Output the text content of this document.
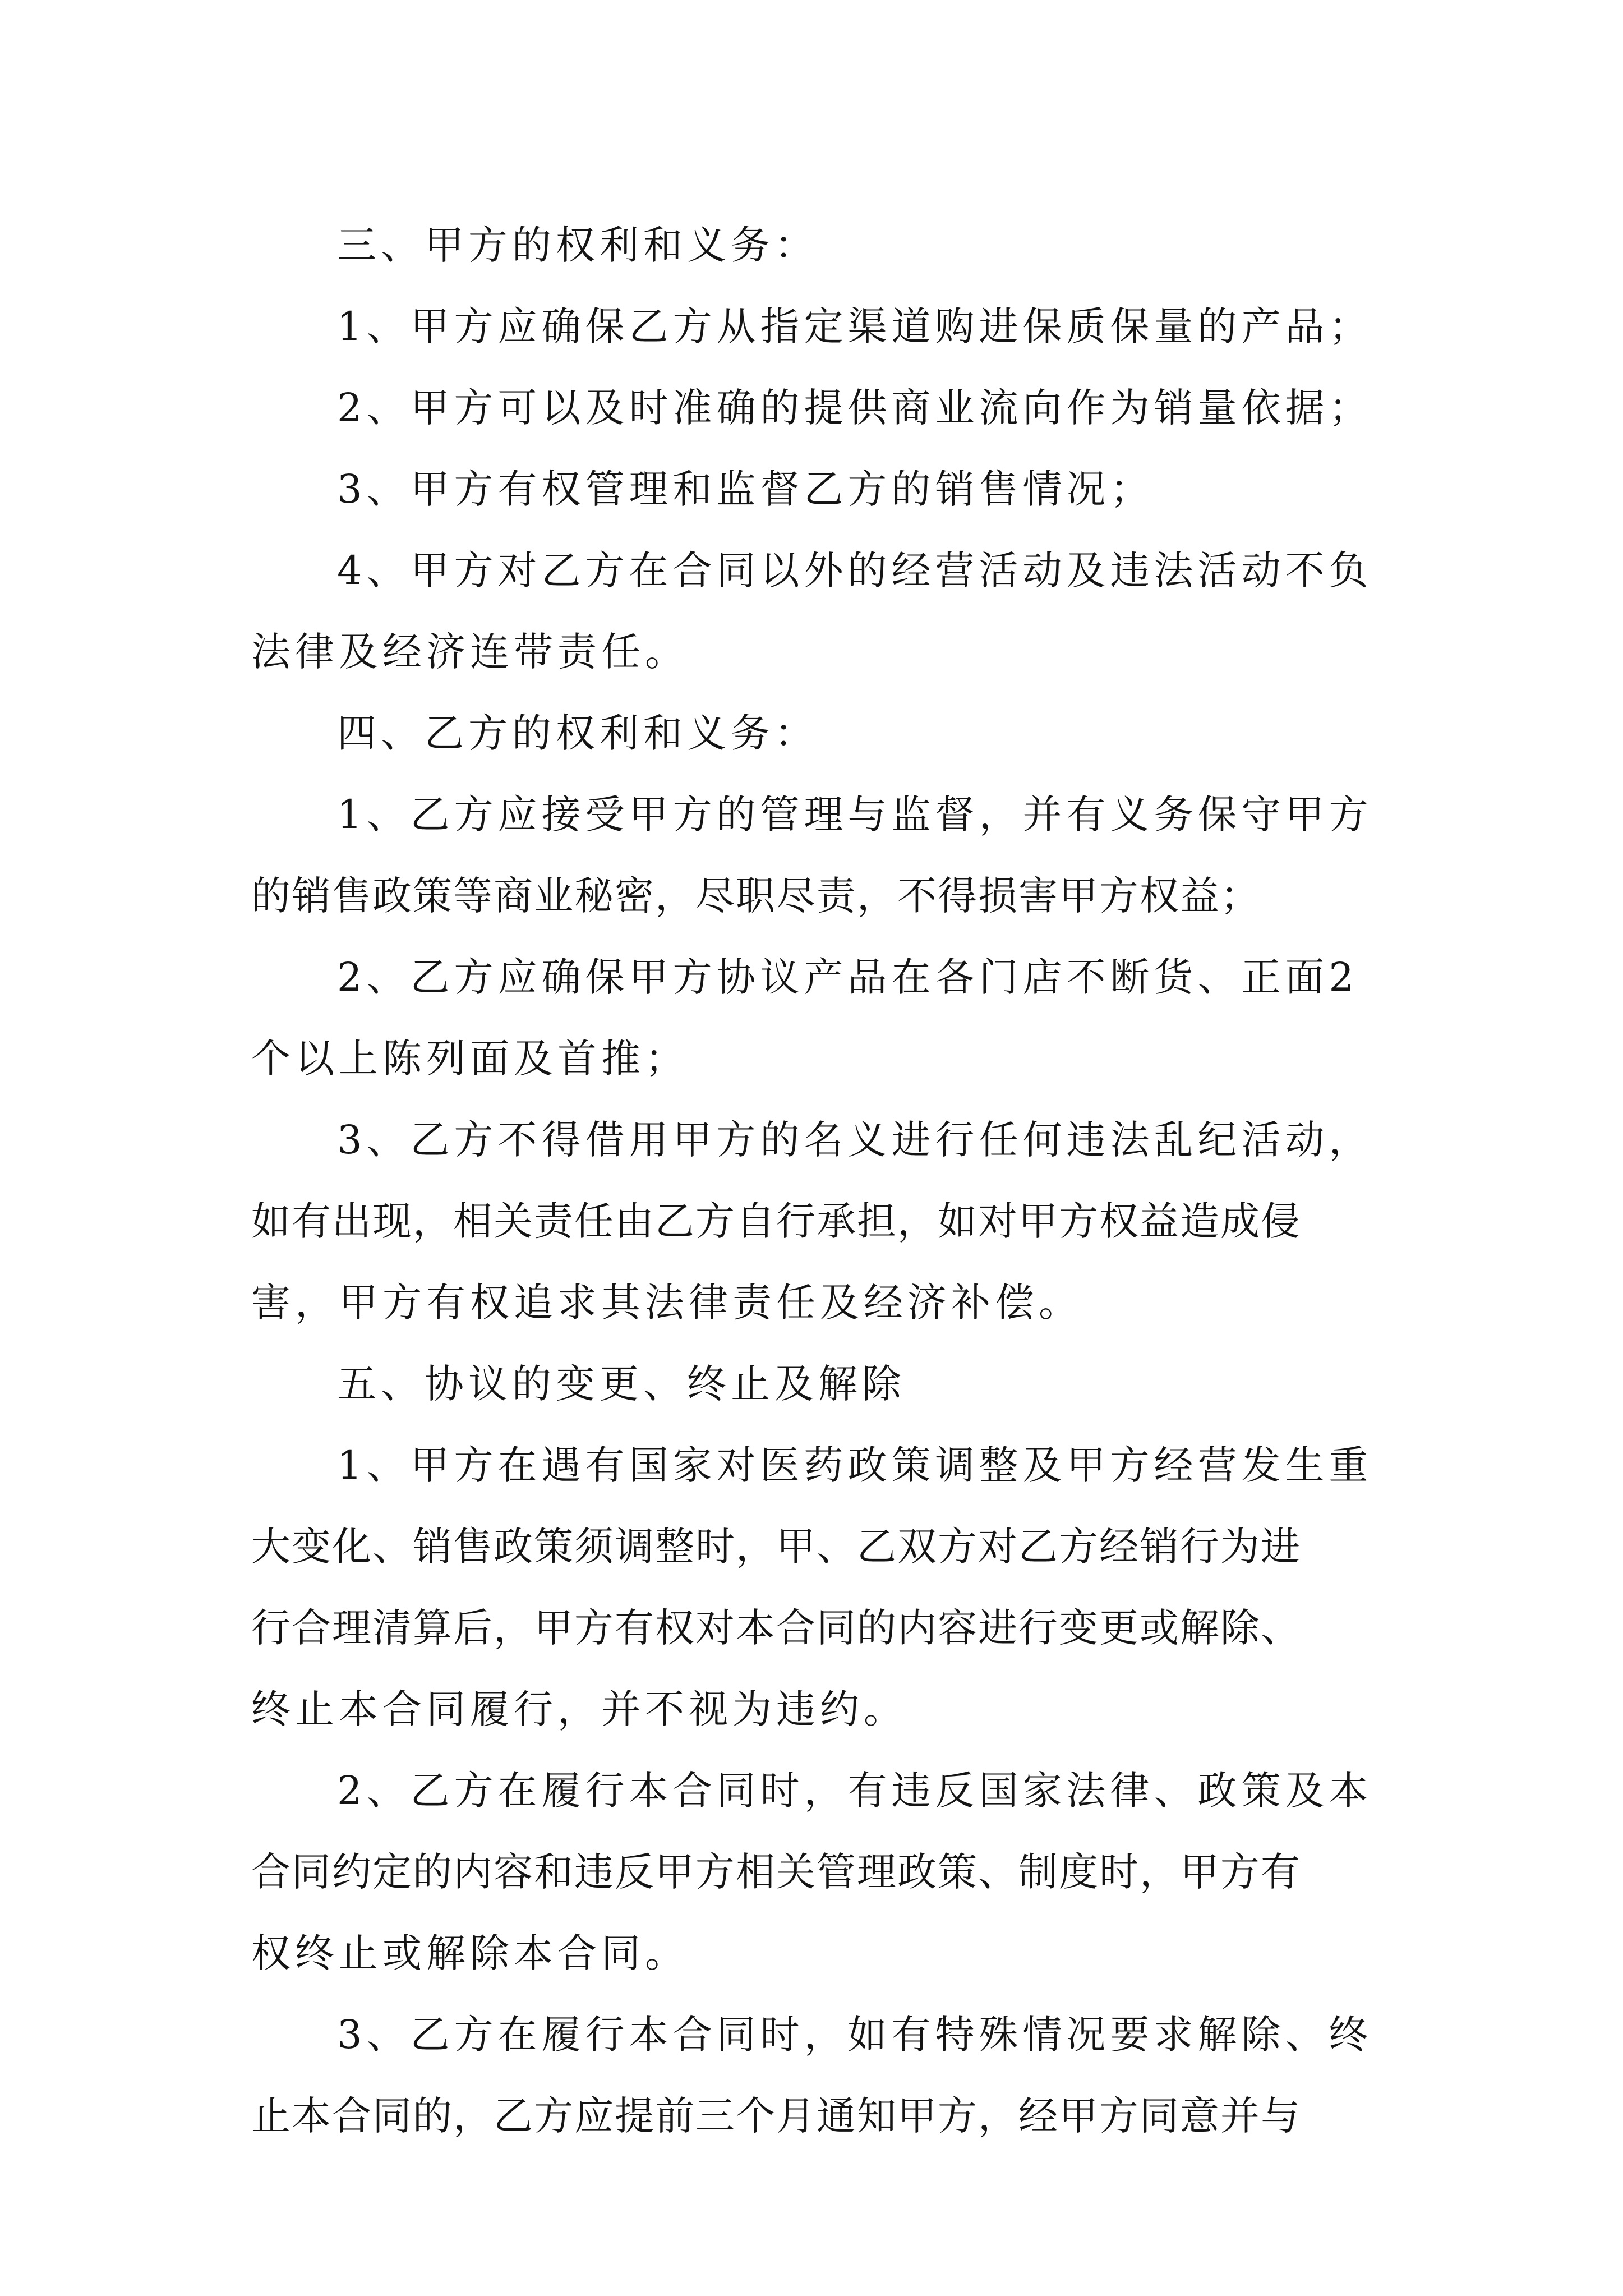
三、甲方的权利和义务：
1、甲方应确保乙方从指定渠道购进保质保量的产品；
2、甲方可以及时准确的提供商业流向作为销量依据；
3、甲方有权管理和监督乙方的销售情况；
4、甲方对乙方在合同以外的经营活动及违法活动不负
法律及经济连带责任。
四、乙方的权利和义务：
1、乙方应接受甲方的管理与监督，并有义务保守甲方
的销售政策等商业秘密，尽职尽责，不得损害甲方权益；
2、乙方应确保甲方协议产品在各门店不断货、正面2
个以上陈列面及首推；
3、乙方不得借用甲方的名义进行任何违法乱纪活动，
如有出现，相关责任由乙方自行承担，如对甲方权益造成侵
害，甲方有权追求其法律责任及经济补偿。
五、协议的变更、终止及解除
1、甲方在遇有国家对医药政策调整及甲方经营发生重
大变化、销售政策须调整时，甲、乙双方对乙方经销行为进
行合理清算后，甲方有权对本合同的内容进行变更或解除、
终止本合同履行，并不视为违约。
2、乙方在履行本合同时，有违反国家法律、政策及本
合同约定的内容和违反甲方相关管理政策、制度时，甲方有
权终止或解除本合同。
3、乙方在履行本合同时，如有特殊情况要求解除、终
止本合同的，乙方应提前三个月通知甲方，经甲方同意并与
